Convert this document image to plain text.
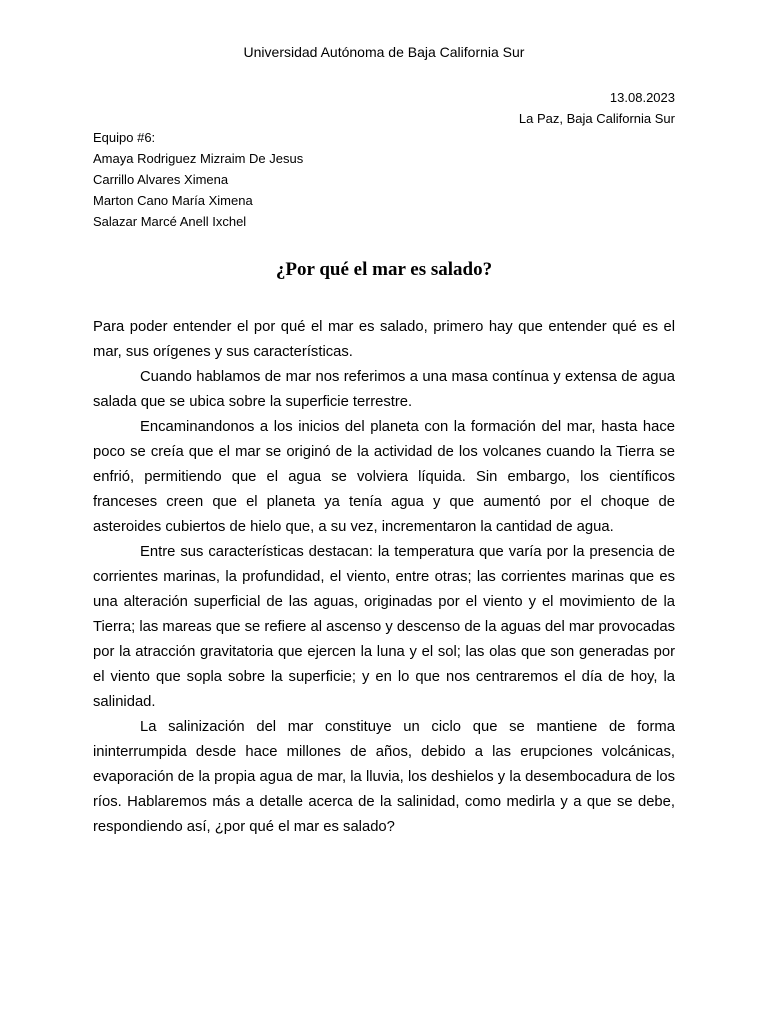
Universidad Autónoma de Baja California Sur
13.08.2023
La Paz, Baja California Sur
Equipo #6:
Amaya Rodriguez Mizraim De Jesus
Carrillo Alvares Ximena
Marton Cano María Ximena
Salazar Marcé Anell Ixchel
¿Por qué el mar es salado?

Para poder entender el por qué el mar es salado, primero hay que entender qué es el mar, sus orígenes y sus características.

Cuando hablamos de mar nos referimos a una masa contínua y extensa de agua salada que se ubica sobre la superficie terrestre.

Encaminandonos a los inicios del planeta con la formación del mar, hasta hace poco se creía que el mar se originó de la actividad de los volcanes cuando la Tierra se enfrió, permitiendo que el agua se volviera líquida. Sin embargo, los científicos franceses creen que el planeta ya tenía agua y que aumentó por el choque de asteroides cubiertos de hielo que, a su vez, incrementaron la cantidad de agua.

Entre sus características destacan: la temperatura que varía por la presencia de corrientes marinas, la profundidad, el viento, entre otras; las corrientes marinas que es una alteración superficial de las aguas, originadas por el viento y el movimiento de la Tierra; las mareas que se refiere al ascenso y descenso de la aguas del mar provocadas por la atracción gravitatoria que ejercen la luna y el sol; las olas que son generadas por el viento que sopla sobre la superficie; y en lo que nos centraremos el día de hoy, la salinidad.

La salinización del mar constituye un ciclo que se mantiene de forma ininterrumpida desde hace millones de años, debido a las erupciones volcánicas, evaporación de la propia agua de mar, la lluvia, los deshielos y la desembocadura de los ríos. Hablaremos más a detalle acerca de la salinidad, como medirla y a que se debe, respondiendo así, ¿por qué el mar es salado?
